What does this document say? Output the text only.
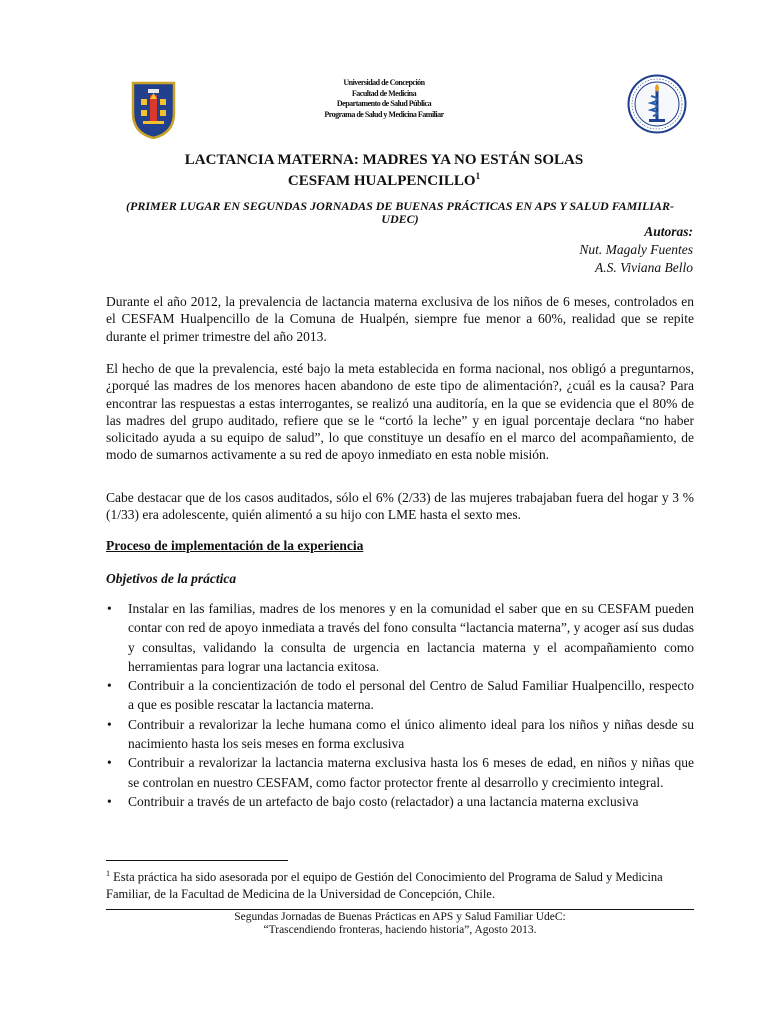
Universidad de Concepción
Facultad de Medicina
Departamento de Salud Pública
Programa de Salud y Medicina Familiar
LACTANCIA MATERNA: MADRES YA NO ESTÁN SOLAS
CESFAM HUALPENCILLO$^1$
(PRIMER LUGAR EN SEGUNDAS JORNADAS DE BUENAS PRÁCTICAS EN APS Y SALUD FAMILIAR-UDEC)
Autoras:
Nut. Magaly Fuentes
A.S. Viviana Bello
Durante el año 2012, la prevalencia de lactancia materna exclusiva de los niños de 6 meses, controlados en el CESFAM Hualpencillo de la Comuna de Hualpén, siempre fue menor a 60%, realidad que se repite durante el primer trimestre del año 2013.
El hecho de que la prevalencia, esté bajo la meta establecida en forma nacional, nos obligó a preguntarnos, ¿porqué las madres de los menores hacen abandono de este tipo de alimentación?, ¿cuál es la causa? Para encontrar las respuestas a estas interrogantes, se realizó una auditoría, en la que se evidencia que el 80% de las madres del grupo auditado, refiere que se le “cortó la leche” y en igual porcentaje declara “no haber solicitado ayuda a su equipo de salud”, lo que constituye un desafío en el marco del acompañamiento, de modo de sumarnos activamente a su red de apoyo inmediato en esta noble misión.
Cabe destacar que de los casos auditados, sólo el 6% (2/33) de las mujeres trabajaban fuera del hogar y 3 % (1/33) era adolescente, quién alimentó a su hijo con LME hasta el sexto mes.
Proceso de implementación de la experiencia
Objetivos de la práctica
• Instalar en las familias, madres de los menores y en la comunidad el saber que en su CESFAM pueden contar con red de apoyo inmediata a través del fono consulta “lactancia materna”, y acoger así sus dudas y consultas, validando la consulta de urgencia en lactancia materna y el acompañamiento como herramientas para lograr una lactancia exitosa.
• Contribuir a la concientización de todo el personal del Centro de Salud Familiar Hualpencillo, respecto a que es posible rescatar la lactancia materna.
• Contribuir a revalorizar la leche humana como el único alimento ideal para los niños y niñas desde su nacimiento hasta los seis meses en forma exclusiva
• Contribuir a revalorizar la lactancia materna exclusiva hasta los 6 meses de edad, en niños y niñas que se controlan en nuestro CESFAM, como factor protector frente al desarrollo y crecimiento integral.
• Contribuir a través de un artefacto de bajo costo (relactador) a una lactancia materna exclusiva
$^1$ Esta práctica ha sido asesorada por el equipo de Gestión del Conocimiento del Programa de Salud y Medicina Familiar, de la Facultad de Medicina de la Universidad de Concepción, Chile.
Segundas Jornadas de Buenas Prácticas en APS y Salud Familiar UdeC:
“Trascendiendo fronteras, haciendo historia”, Agosto 2013.
